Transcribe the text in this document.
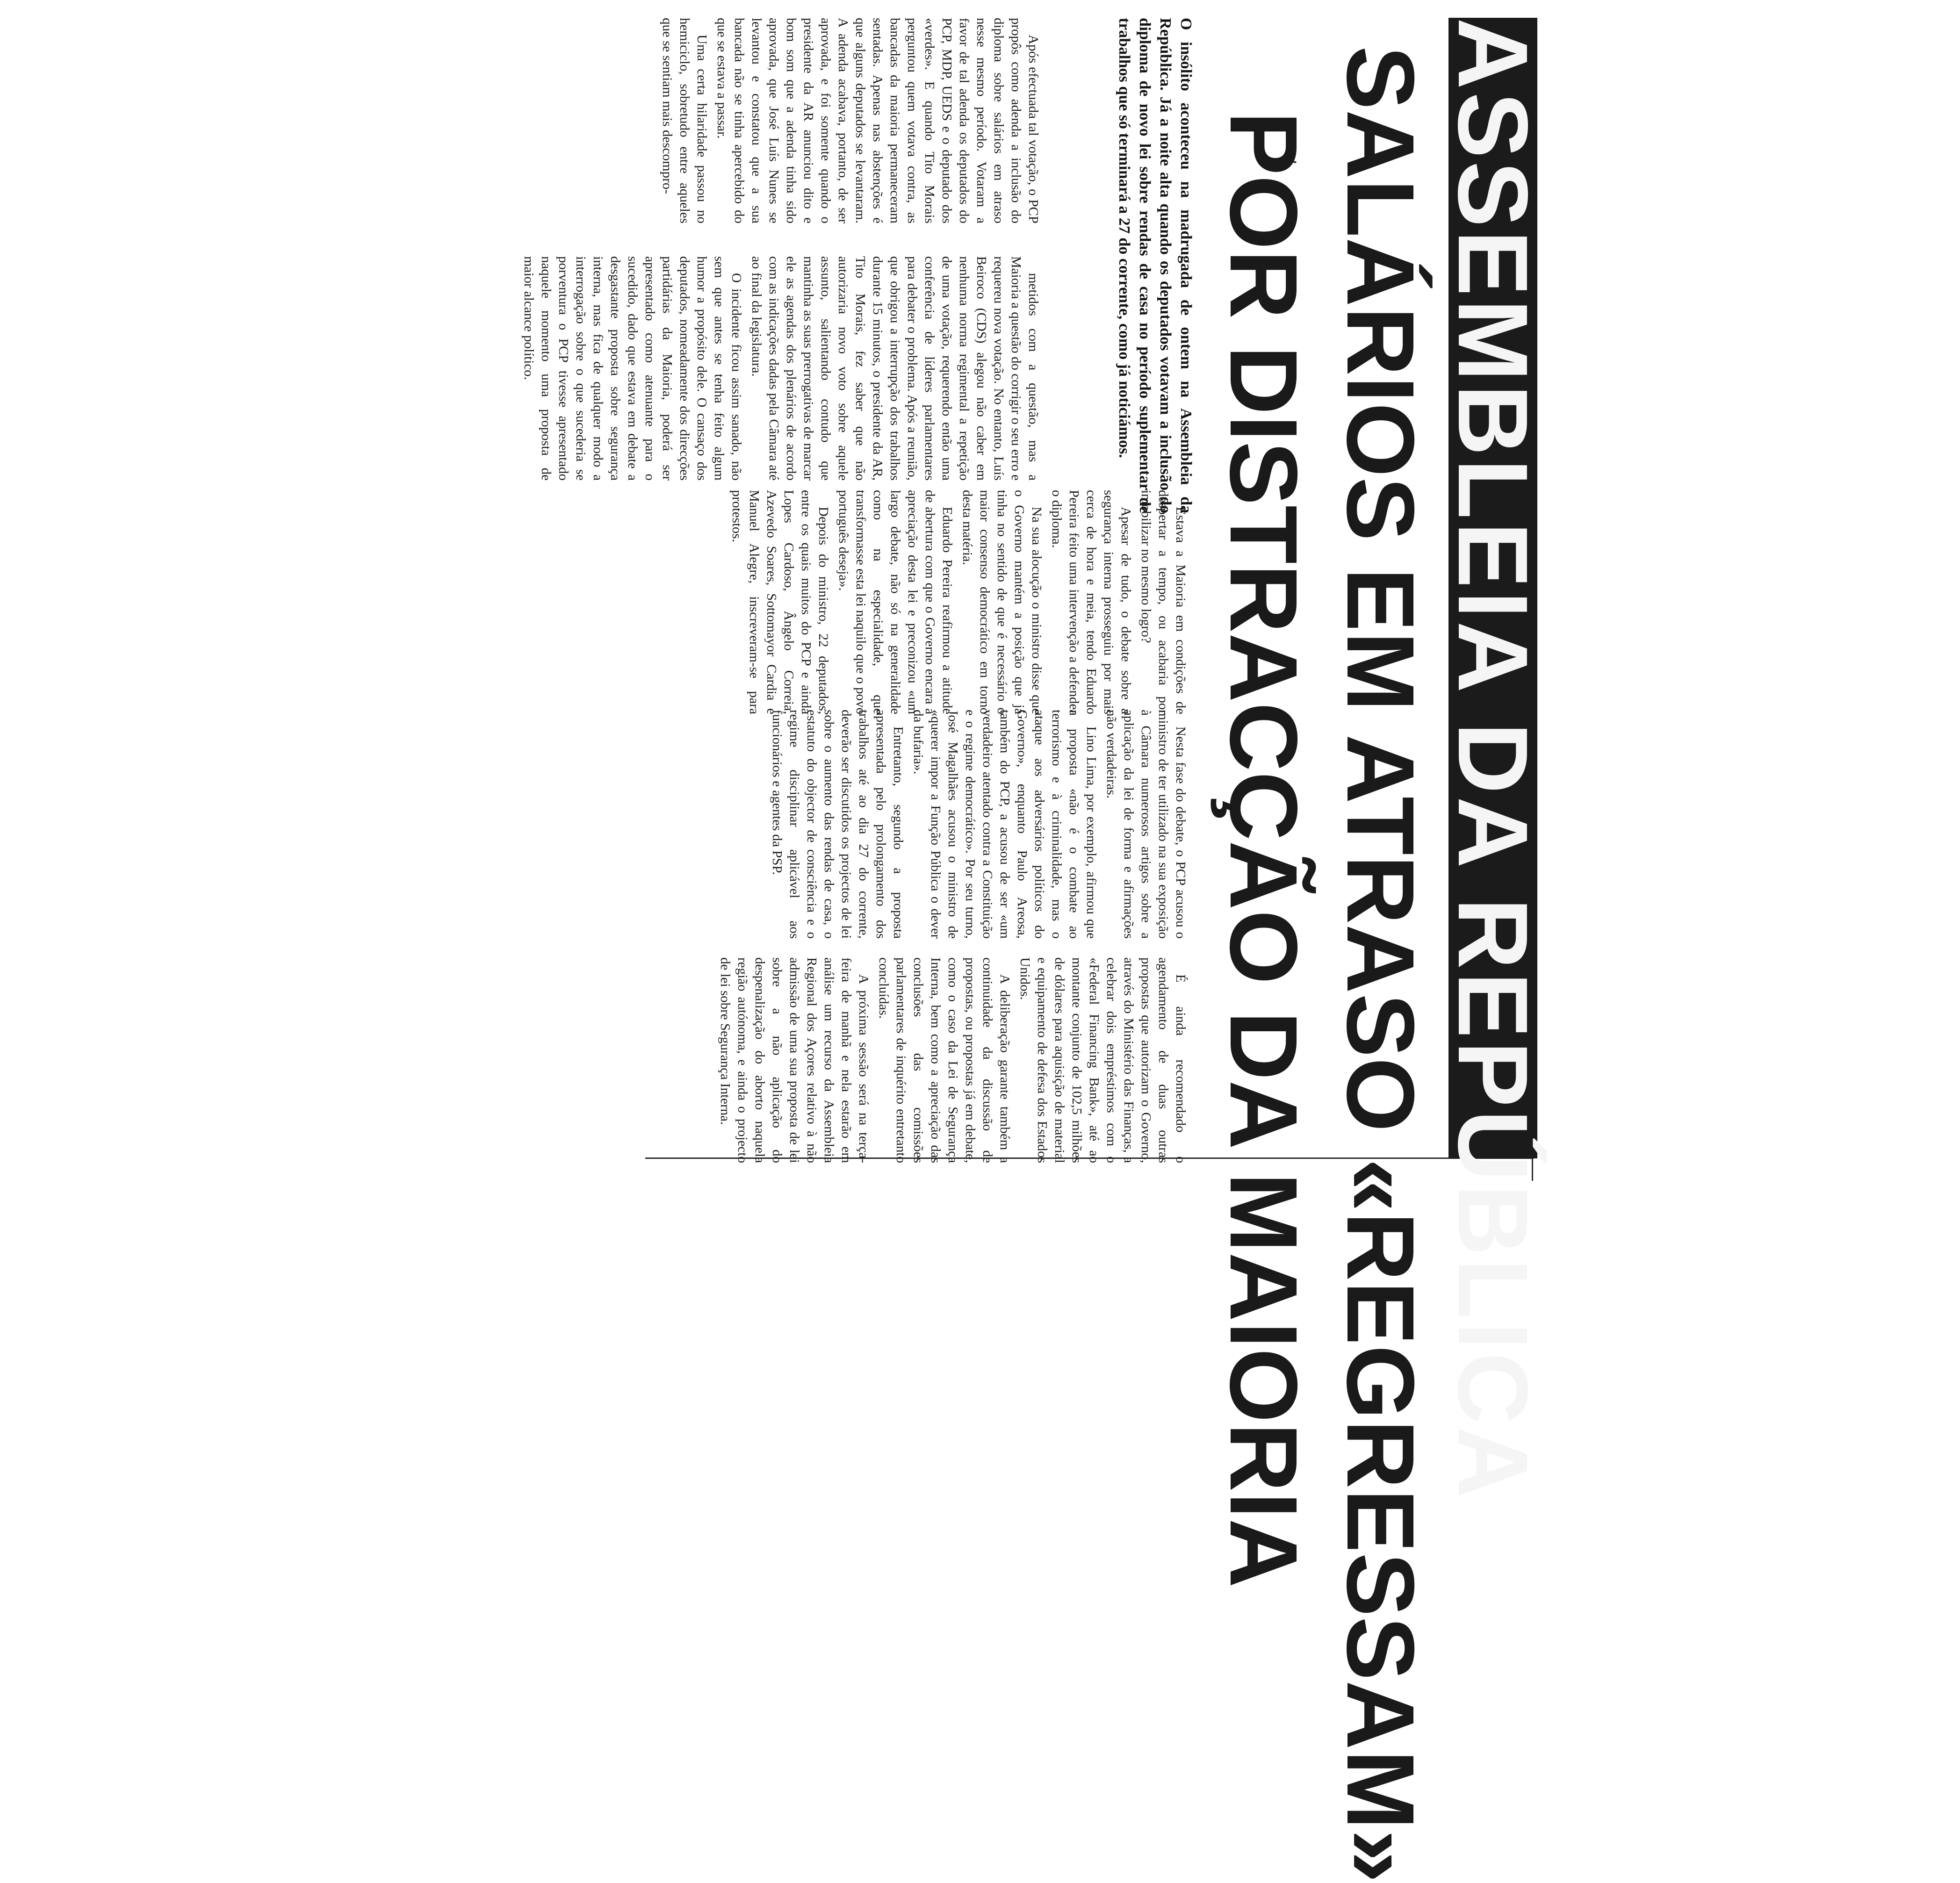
ASSEMBLEIA DA REPÚBLICA
SALÁRIOS EM ATRASO «REGRESSAM»
POR DISTRACÇÃO DA MAIORIA

O insólito aconteceu na madrugada de ontem na Assembleia da República. Já a noite alta quando os deputados votavam a inclusão do diploma de novo lei sobre rendas de casa no período suplementar de trabalhos que só terminará a 27 do corrente, como já noticiámos.

Após efectuada tal votação, o PCP propôs como adenda a inclusão do diploma sobre salários em atraso nesse mesmo período. Votaram a favor de tal adenda os deputados do PCP, MDP, UEDS e o deputado dos «verdes». E quando Tito Morais perguntou quem votava contra, as bancadas da maioria permaneceram sentadas. Apenas nas abstenções é que alguns deputados se levantaram. A adenda acabava, portanto, de ser aprovada, e foi somente quando o presidente da AR anunciou dito e bom som que a adenda tinha sido aprovada, que José Luís Nunes se levantou e constatou que a sua bancada não se tinha apercebido do que se estava a passar.

Uma certa hilaridade passou no hemiciclo, sobretudo entre aqueles que se sentiam mais descompro-

metidos com a questão, mas a Maioria a questão do corrigir o seu erro e requereu nova votação. No entanto, Luís Beiroco (CDS) alegou não caber em nenhuma norma regimental a repetição de uma votação, requerendo então uma conferência de líderes parlamentares para debater o problema. Após a reunião, que obrigou a interrupção dos trabalhos durante 15 minutos, o presidente da AR, Tito Morais, fez saber que não autorizaria novo voto sobre aquele assunto, salientando contudo que mantinha as suas prerrogativas de marcar ele as agendas dos plenários de acordo com as indicações dadas pela Câmara até ao final da legislatura.

O incidente ficou assim sanado, não sem que antes se tenha feito algum humor a propósito dele. O cansaço dos deputados, nomeadamente dos direcções partidárias da Maioria, poderá ser apresentado como atenuante para o sucedido, dado que estava em debate a desgastante proposta sobre segurança interna, mas fica de qualquer modo a interrogação sobre o que sucederia se porventura o PCP tivesse apresentado naquele momento uma proposta de maior alcance político.

Estava a Maioria em condições de despertar a tempo, ou acabaria por imobilizar no mesmo logro?

Apesar de tudo, o debate sobre a segurança interna prosseguiu por mais cerca de hora e meia, tendo Eduardo Pereira feito uma intervenção a defender o diploma.

Na sua alocução o ministro disse que o Governo mantém a posição que já tinha no sentido de que é necessário o maior consenso democrático em torno desta matéria.

Eduardo Pereira reafirmou a atitude de abertura com que o Governo encara a apreciação desta lei e preconizou «um largo debate, não só na generalidade como na especialidade, que transformasse esta lei naquilo que o povo português deseja».

Depois do ministro, 22 deputados, entre os quais muitos do PCP e ainda Lopes Cardoso, Ângelo Correia, Azevedo Soares, Sottomayor Cardia e Manuel Alegre, inscreveram-se para protestos.

Nesta fase do debate, o PCP acusou o ministro de ter utilizado na sua exposição à Câmara numerosos artigos sobre a aplicação da lei de forma e afirmações não verdadeiras.

Lino Lima, por exemplo, afirmou que a proposta «não é o combate ao terrorismo e à criminalidade, mas o ataque aos adversários políticos do Governo», enquanto Paulo Areosa, também do PCP, a acusou de ser «um verdadeiro atentado contra a Constituição e o regime democrático». Por seu turno, José Magalhães acusou o ministro de «querer impor a Função Pública o dever da bufaria».

Entretanto, segundo a proposta apresentada pelo prolongamento dos trabalhos até ao dia 27 do corrente, deverão ser discutidos os projectos de lei sobre o aumento das rendas de casa, o estatuto do objector de consciência e o regime disciplinar aplicável aos funcionários e agentes da PSP.

É ainda recomendado o agendamento de duas outras propostas que autorizam o Governo, através do Ministério das Finanças, a celebrar dois empréstimos com o «Federal Financing Bank», até ao montante conjunto de 102,5 milhões de dólares para aquisição de material e equipamento de defesa dos Estados Unidos.

A deliberação garante também a continuidade da discussão de propostas, ou propostas já em debate, como o caso da Lei de Segurança Interna, bem como a apreciação das conclusões das comissões parlamentares de inquérito entretanto concluídas.

A próxima sessão será na terça-feira de manhã e nela estarão em análise um recurso da Assembleia Regional dos Açores relativo à não admissão de uma sua proposta de lei sobre a não aplicação do despenalização do aborto naquela região autónoma, e ainda o projecto de lei sobre Segurança Interna.
